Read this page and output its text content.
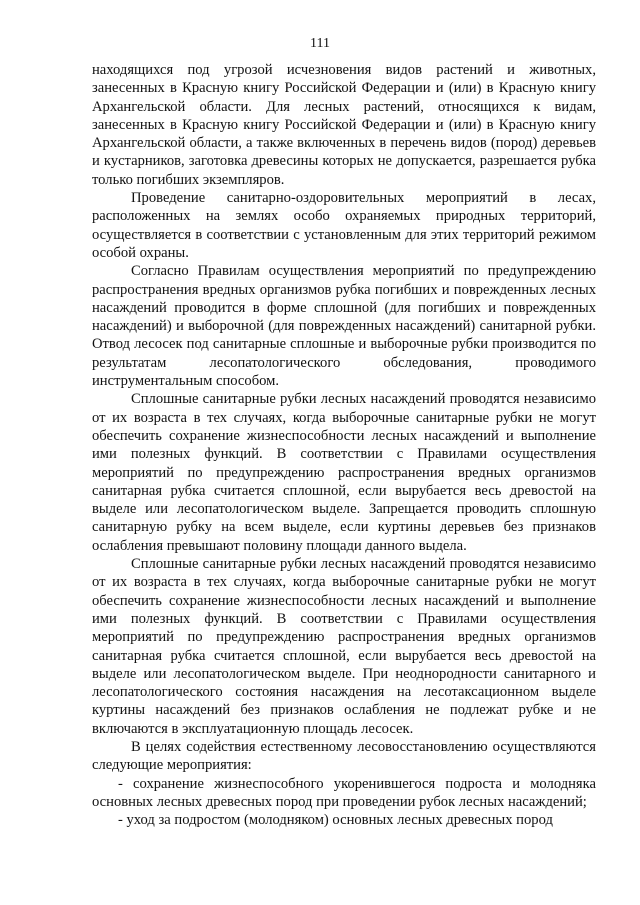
111

находящихся под угрозой исчезновения видов растений и животных, занесенных в Красную книгу Российской Федерации и (или) в Красную книгу Архангельской области. Для лесных растений, относящихся к видам, занесенных в Красную книгу Российской Федерации и (или) в Красную книгу Архангельской области, а также включенных в перечень видов (пород) деревьев и кустарников, заготовка древесины которых не допускается, разрешается рубка только погибших экземпляров.

Проведение санитарно-оздоровительных мероприятий в лесах, расположенных на землях особо охраняемых природных территорий, осуществляется в соответствии с установленным для этих территорий режимом особой охраны.

Согласно Правилам осуществления мероприятий по предупреждению распространения вредных организмов рубка погибших и поврежденных лесных насаждений проводится в форме сплошной (для погибших и поврежденных насаждений) и выборочной (для поврежденных насаждений) санитарной рубки. Отвод лесосек под санитарные сплошные и выборочные рубки производится по результатам лесопатологического обследования, проводимого инструментальным способом.

Сплошные санитарные рубки лесных насаждений проводятся независимо от их возраста в тех случаях, когда выборочные санитарные рубки не могут обеспечить сохранение жизнеспособности лесных насаждений и выполнение ими полезных функций. В соответствии с Правилами осуществления мероприятий по предупреждению распространения вредных организмов санитарная рубка считается сплошной, если вырубается весь древостой на выделе или лесопатологическом выделе. Запрещается проводить сплошную санитарную рубку на всем выделе, если куртины деревьев без признаков ослабления превышают половину площади данного выдела.

Сплошные санитарные рубки лесных насаждений проводятся независимо от их возраста в тех случаях, когда выборочные санитарные рубки не могут обеспечить сохранение жизнеспособности лесных насаждений и выполнение ими полезных функций. В соответствии с Правилами осуществления мероприятий по предупреждению распространения вредных организмов санитарная рубка считается сплошной, если вырубается весь древостой на выделе или лесопатологическом выделе. При неоднородности санитарного и лесопатологического состояния насаждения на лесотаксационном выделе куртины насаждений без признаков ослабления не подлежат рубке и не включаются в эксплуатационную площадь лесосек.

В целях содействия естественному лесовосстановлению осуществляются следующие мероприятия:

- сохранение жизнеспособного укоренившегося подроста и молодняка основных лесных древесных пород при проведении рубок лесных насаждений;

- уход за подростом (молодняком) основных лесных древесных пород
